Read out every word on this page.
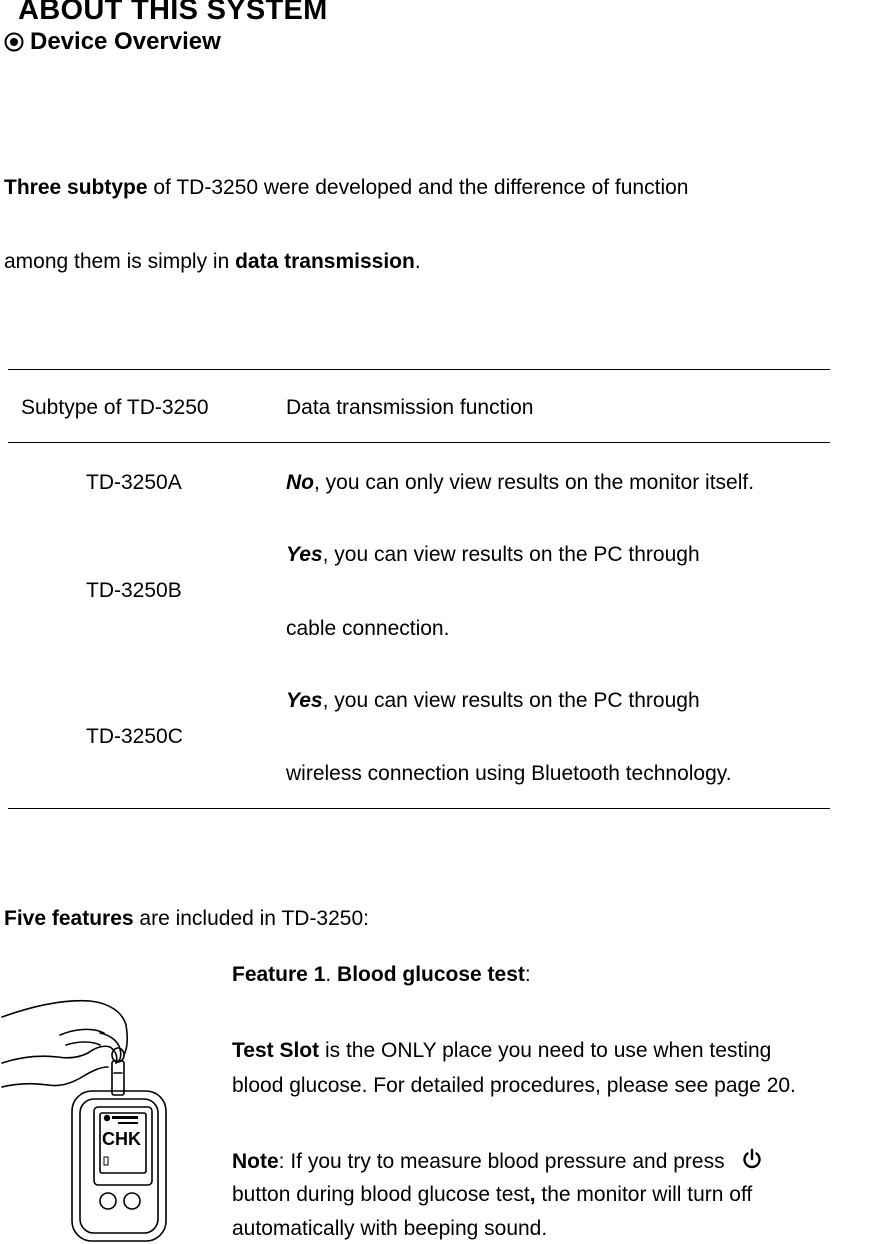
ABOUT THIS SYSTEM
Device Overview
Three subtype of TD-3250 were developed and the difference of function
among them is simply in data transmission.
Subtype of TD-3250	Data transmission function
TD-3250A	No, you can only view results on the monitor itself.
TD-3250B
Yes, you can view results on the PC through
cable connection.
TD-3250C
Yes, you can view results on the PC through
wireless connection using Bluetooth technology.
Five features are included in TD-3250:
CHK
Feature 1. Blood glucose test:
Test Slot is the ONLY place you need to use when testing
blood glucose. For detailed procedures, please see page 20.
Note: If you try to measure blood pressure and press
button during blood glucose test, the monitor will turn off
automatically with beeping sound.
